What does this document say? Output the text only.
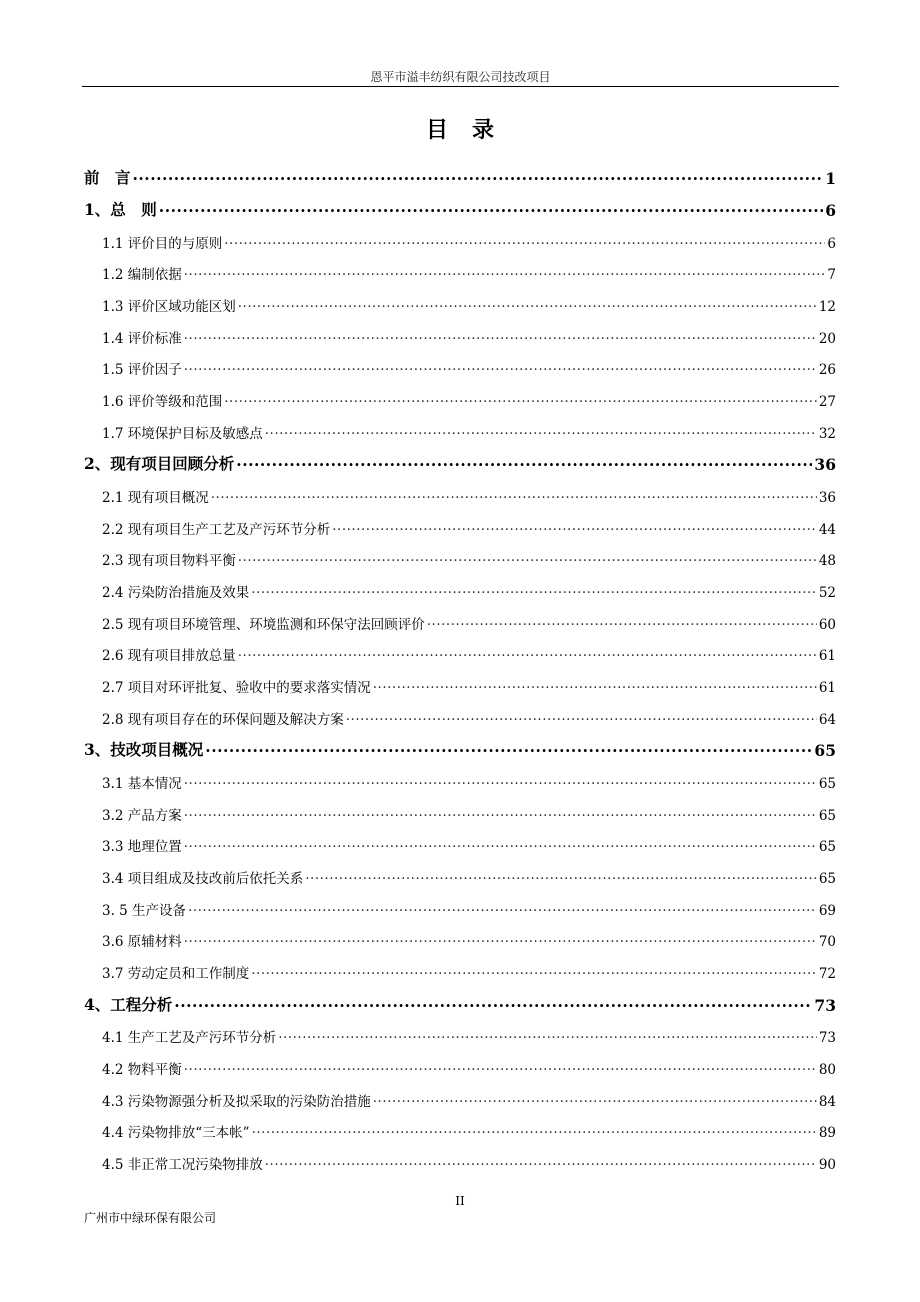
恩平市溢丰纺织有限公司技改项目
目录
前　言 ·····	1
1、总　则 ·····	6
1.1 评价目的与原则 ·····	6
1.2 编制依据 ·····	7
1.3 评价区域功能区划 ·····	12
1.4 评价标准 ·····	20
1.5 评价因子 ·····	26
1.6 评价等级和范围 ·····	27
1.7 环境保护目标及敏感点 ·····	32
2、现有项目回顾分析 ·····	36
2.1 现有项目概况 ·····	36
2.2 现有项目生产工艺及产污环节分析 ·····	44
2.3 现有项目物料平衡 ·····	48
2.4 污染防治措施及效果 ·····	52
2.5 现有项目环境管理、环境监测和环保守法回顾评价 ·····	60
2.6 现有项目排放总量 ·····	61
2.7 项目对环评批复、验收中的要求落实情况 ·····	61
2.8 现有项目存在的环保问题及解决方案 ·····	64
3、技改项目概况 ·····	65
3.1 基本情况 ·····	65
3.2 产品方案 ·····	65
3.3 地理位置 ·····	65
3.4 项目组成及技改前后依托关系 ·····	65
3. 5 生产设备 ·····	69
3.6 原辅材料 ·····	70
3.7 劳动定员和工作制度 ·····	72
4、工程分析 ·····	73
4.1 生产工艺及产污环节分析 ·····	73
4.2 物料平衡 ·····	80
4.3 污染物源强分析及拟采取的污染防治措施 ·····	84
4.4 污染物排放“三本帐” ·····	89
4.5 非正常工况污染物排放 ·····	90
II
广州市中绿环保有限公司
